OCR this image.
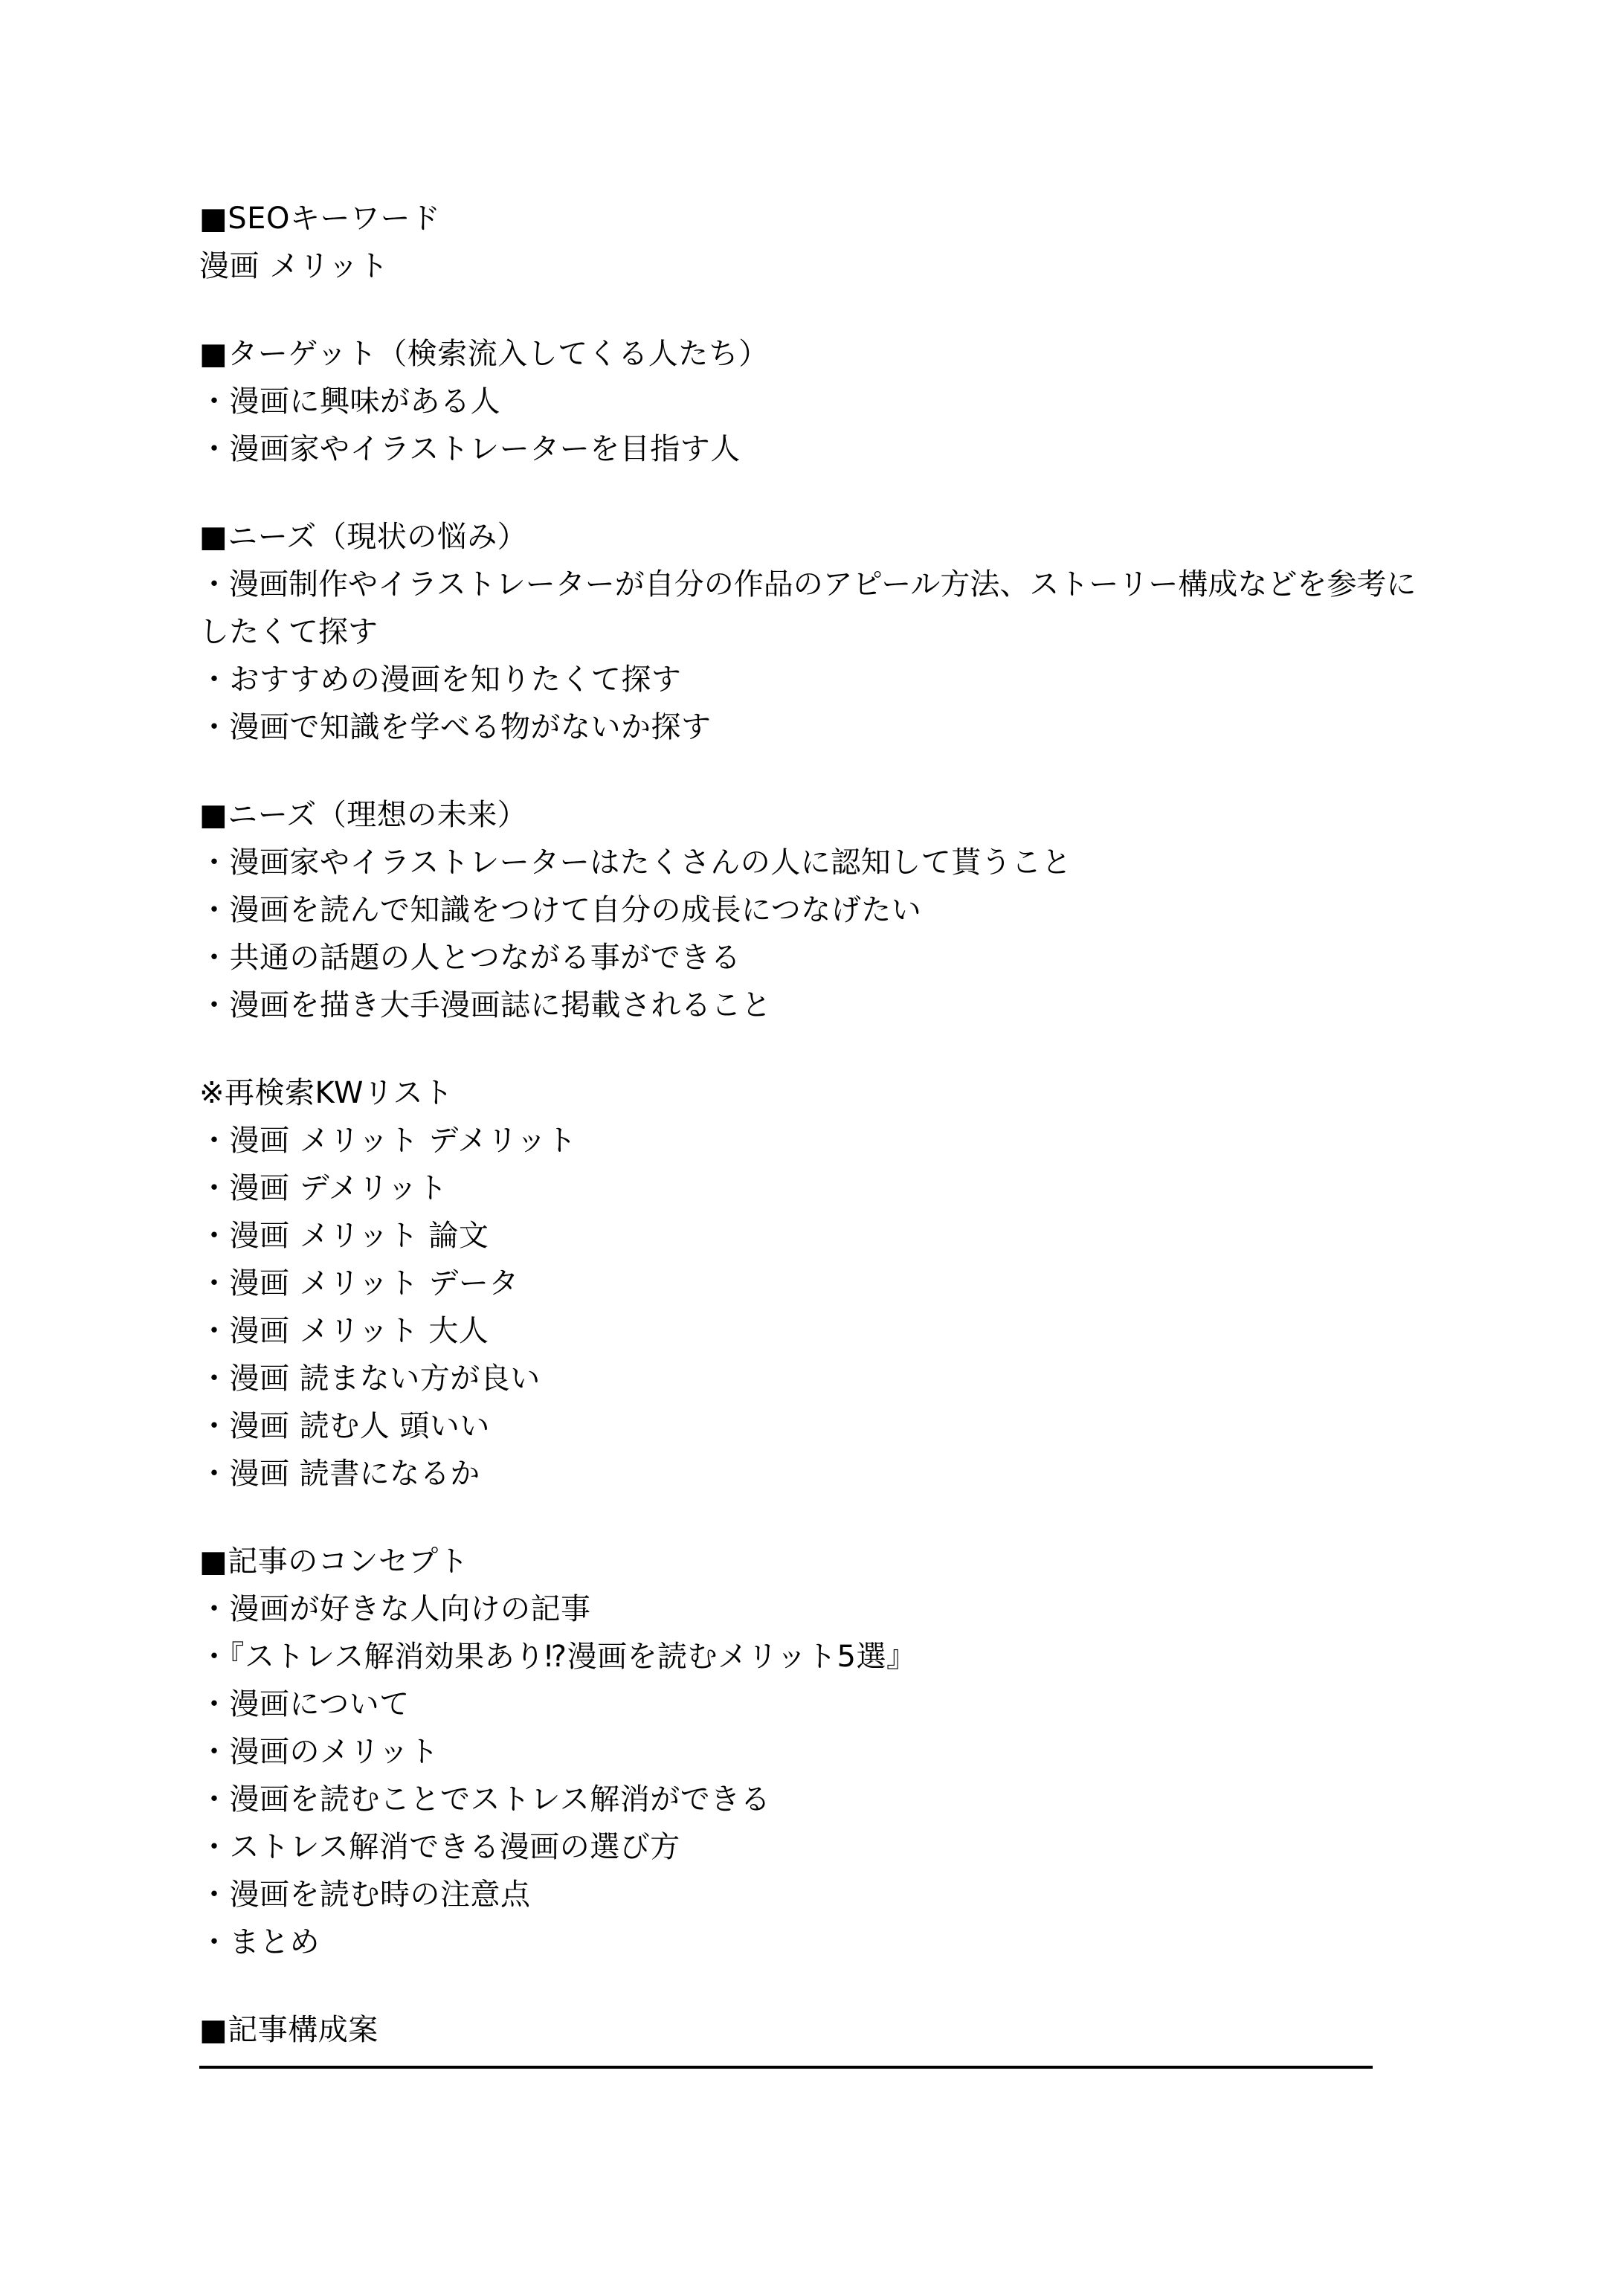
■SEOキーワード
漫画 メリット
■ターゲット（検索流入してくる人たち）
・漫画に興味がある人
・漫画家やイラストレーターを目指す人
■ニーズ（現状の悩み）
・漫画制作やイラストレーターが自分の作品のアピール方法、ストーリー構成などを参考にしたくて探す
・おすすめの漫画を知りたくて探す
・漫画で知識を学べる物がないか探す
■ニーズ（理想の未来）
・漫画家やイラストレーターはたくさんの人に認知して貰うこと
・漫画を読んで知識をつけて自分の成長につなげたい
・共通の話題の人とつながる事ができる
・漫画を描き大手漫画誌に掲載されること
※再検索KWリスト
・漫画 メリット デメリット
・漫画 デメリット
・漫画 メリット 論文
・漫画 メリット データ
・漫画 メリット 大人
・漫画 読まない方が良い
・漫画 読む人 頭いい
・漫画 読書になるか
■記事のコンセプト
・漫画が好きな人向けの記事
・『ストレス解消効果あり⁉漫画を読むメリット5選』
・漫画について
・漫画のメリット
・漫画を読むことでストレス解消ができる
・ストレス解消できる漫画の選び方
・漫画を読む時の注意点
・まとめ
■記事構成案
